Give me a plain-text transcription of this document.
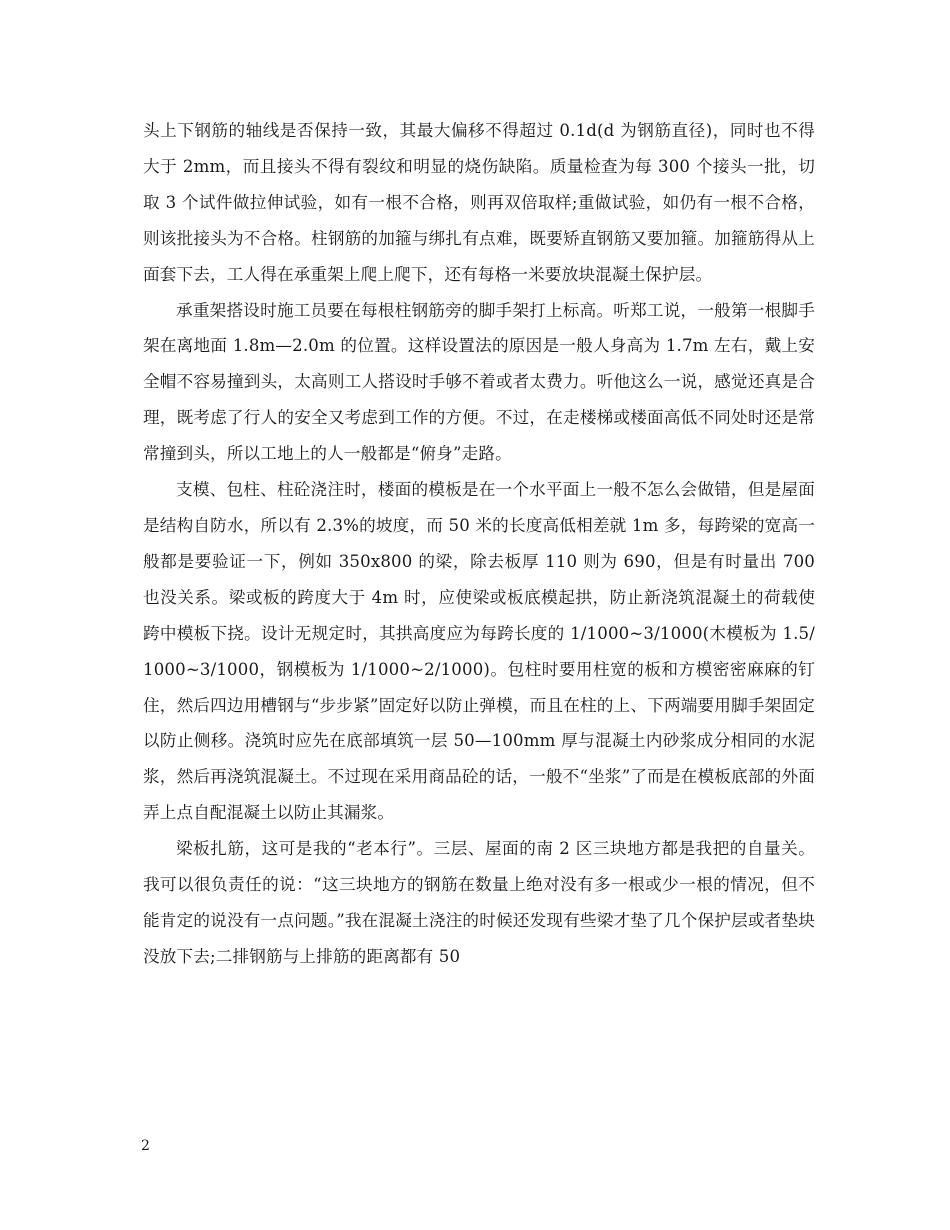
头上下钢筋的轴线是否保持一致，其最大偏移不得超过 0.1d(d 为钢筋直径)，同时也不得大于 2mm，而且接头不得有裂纹和明显的烧伤缺陷。质量检查为每 300 个接头一批，切取 3 个试件做拉伸试验，如有一根不合格，则再双倍取样;重做试验，如仍有一根不合格，则该批接头为不合格。柱钢筋的加箍与绑扎有点难，既要矫直钢筋又要加箍。加箍筋得从上面套下去，工人得在承重架上爬上爬下，还有每格一米要放块混凝土保护层。

承重架搭设时施工员要在每根柱钢筋旁的脚手架打上标高。听郑工说，一般第一根脚手架在离地面 1.8m—2.0m 的位置。这样设置法的原因是一般人身高为 1.7m 左右，戴上安全帽不容易撞到头，太高则工人搭设时手够不着或者太费力。听他这么一说，感觉还真是合理，既考虑了行人的安全又考虑到工作的方便。不过，在走楼梯或楼面高低不同处时还是常常撞到头，所以工地上的人一般都是“俯身”走路。

支模、包柱、柱砼浇注时，楼面的模板是在一个水平面上一般不怎么会做错，但是屋面是结构自防水，所以有 2.3%的坡度，而 50 米的长度高低相差就 1m 多，每跨梁的宽高一般都是要验证一下，例如 350x800 的梁，除去板厚 110 则为 690，但是有时量出 700 也没关系。梁或板的跨度大于 4m 时，应使梁或板底模起拱，防止新浇筑混凝土的荷载使跨中模板下挠。设计无规定时，其拱高度应为每跨长度的 1/1000~3/1000(木模板为 1.5/1000~3/1000，钢模板为 1/1000~2/1000)。包柱时要用柱宽的板和方模密密麻麻的钉住，然后四边用槽钢与“步步紧”固定好以防止弹模，而且在柱的上、下两端要用脚手架固定以防止侧移。浇筑时应先在底部填筑一层 50—100mm 厚与混凝土内砂浆成分相同的水泥浆，然后再浇筑混凝土。不过现在采用商品砼的话，一般不“坐浆”了而是在模板底部的外面弄上点自配混凝土以防止其漏浆。

梁板扎筋，这可是我的“老本行”。三层、屋面的南 2 区三块地方都是我把的自量关。我可以很负责任的说：“这三块地方的钢筋在数量上绝对没有多一根或少一根的情况，但不能肯定的说没有一点问题。”我在混凝土浇注的时候还发现有些梁才垫了几个保护层或者垫块没放下去;二排钢筋与上排筋的距离都有 50

2
